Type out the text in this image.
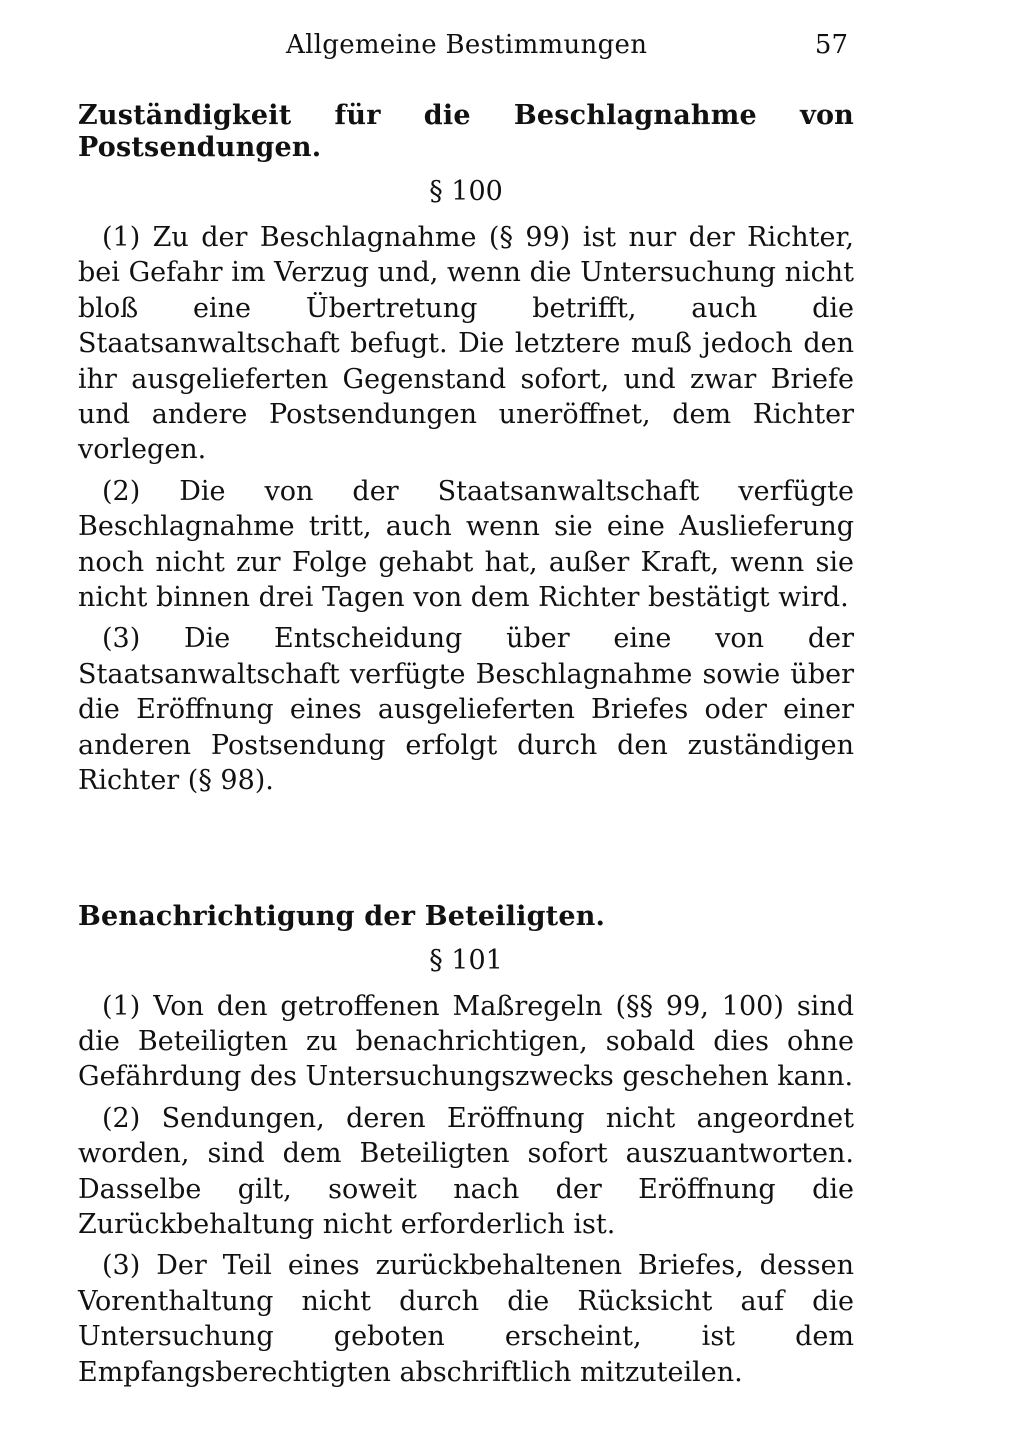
Allgemeine Bestimmungen	57
Zuständigkeit für die Beschlagnahme von Postsendungen.
§ 100

(1) Zu der Beschlagnahme (§ 99) ist nur der Richter, bei Gefahr im Verzug und, wenn die Untersuchung nicht bloß eine Übertretung betrifft, auch die Staatsanwaltschaft befugt. Die letztere muß jedoch den ihr ausgelieferten Gegenstand sofort, und zwar Briefe und andere Postsendungen uneröffnet, dem Richter vorlegen.

(2) Die von der Staatsanwaltschaft verfügte Beschlagnahme tritt, auch wenn sie eine Auslieferung noch nicht zur Folge gehabt hat, außer Kraft, wenn sie nicht binnen drei Tagen von dem Richter bestätigt wird.

(3) Die Entscheidung über eine von der Staatsanwaltschaft verfügte Beschlagnahme sowie über die Eröffnung eines ausgelieferten Briefes oder einer anderen Postsendung erfolgt durch den zuständigen Richter (§ 98).

Benachrichtigung der Beteiligten.
§ 101

(1) Von den getroffenen Maßregeln (§§ 99, 100) sind die Beteiligten zu benachrichtigen, sobald dies ohne Gefährdung des Untersuchungszwecks geschehen kann.

(2) Sendungen, deren Eröffnung nicht angeordnet worden, sind dem Beteiligten sofort auszuantworten. Dasselbe gilt, soweit nach der Eröffnung die Zurückbehaltung nicht erforderlich ist.

(3) Der Teil eines zurückbehaltenen Briefes, dessen Vorenthaltung nicht durch die Rücksicht auf die Untersuchung geboten erscheint, ist dem Empfangsberechtigten abschriftlich mitzuteilen.
